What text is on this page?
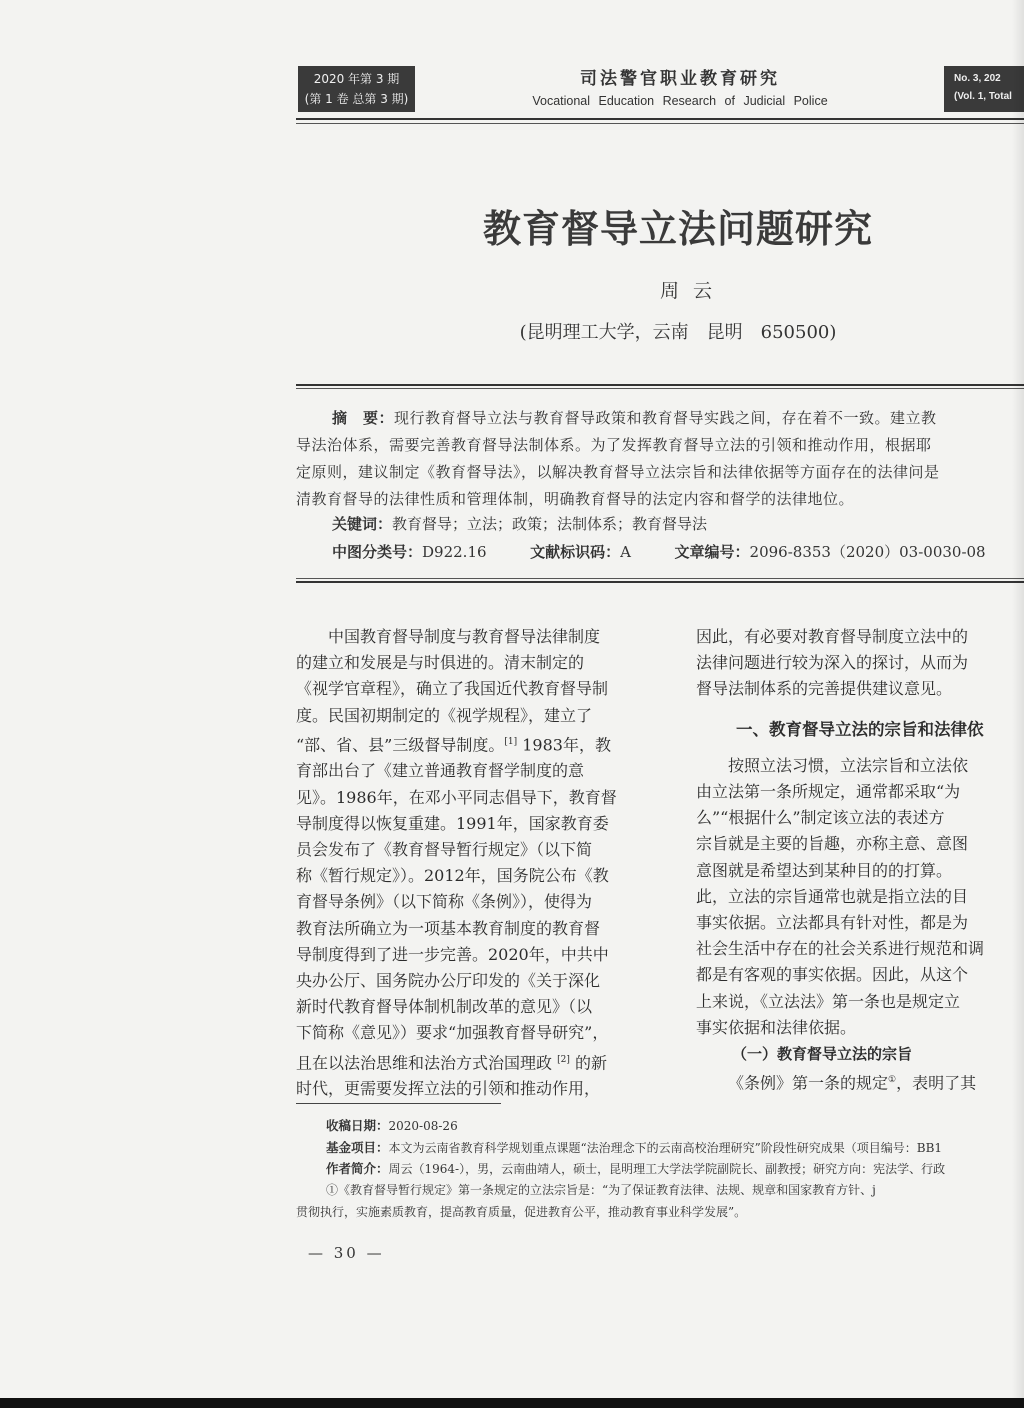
2020 年第 3 期
(第 1 卷 总第 3 期)
司法警官职业教育研究
Vocational Education Research of Judicial Police
No. 3, 202
(Vol. 1, Total
教育督导立法问题研究
周云
(昆明理工大学，云南　昆明　650500)
摘　要：现行教育督导立法与教育督导政策和教育督导实践之间，存在着不一致。建立教
导法治体系，需要完善教育督导法制体系。为了发挥教育督导立法的引领和推动作用，根据耶
定原则，建议制定《教育督导法》，以解决教育督导立法宗旨和法律依据等方面存在的法律问是
清教育督导的法律性质和管理体制，明确教育督导的法定内容和督学的法律地位。
关键词：教育督导；立法；政策；法制体系；教育督导法
中图分类号：D922.16	文献标识码：A	文章编号：2096-8353（2020）03-0030-08
中国教育督导制度与教育督导法律制度
的建立和发展是与时俱进的。清末制定的
《视学官章程》，确立了我国近代教育督导制
度。民国初期制定的《视学规程》，建立了
“部、省、县”三级督导制度。[1] 1983年，教
育部出台了《建立普通教育督学制度的意
见》。1986年，在邓小平同志倡导下，教育督
导制度得以恢复重建。1991年，国家教育委
员会发布了《教育督导暂行规定》（以下简
称《暂行规定》）。2012年，国务院公布《教
育督导条例》（以下简称《条例》），使得为
教育法所确立为一项基本教育制度的教育督
导制度得到了进一步完善。2020年，中共中
央办公厅、国务院办公厅印发的《关于深化
新时代教育督导体制机制改革的意见》（以
下简称《意见》）要求“加强教育督导研究”，
且在以法治思维和法治方式治国理政 [2] 的新
时代，更需要发挥立法的引领和推动作用，
因此，有必要对教育督导制度立法中的
法律问题进行较为深入的探讨，从而为
督导法制体系的完善提供建议意见。
一、教育督导立法的宗旨和法律依
按照立法习惯，立法宗旨和立法依
由立法第一条所规定，通常都采取“为
么”“根据什么”制定该立法的表述方
宗旨就是主要的旨趣，亦称主意、意图
意图就是希望达到某种目的的打算。
此，立法的宗旨通常也就是指立法的目
事实依据。立法都具有针对性，都是为
社会生活中存在的社会关系进行规范和调
都是有客观的事实依据。因此，从这个
上来说，《立法法》第一条也是规定立
事实依据和法律依据。
（一）教育督导立法的宗旨
《条例》第一条的规定①，表明了其
收稿日期：2020-08-26
基金项目：本文为云南省教育科学规划重点课题“法治理念下的云南高校治理研究”阶段性研究成果（项目编号：BB1
作者简介：周云（1964-），男，云南曲靖人，硕士，昆明理工大学法学院副院长、副教授；研究方向：宪法学、行政
①《教育督导暂行规定》第一条规定的立法宗旨是：“为了保证教育法律、法规、规章和国家教育方针、j
贯彻执行，实施素质教育，提高教育质量，促进教育公平，推动教育事业科学发展”。
— 30 —
